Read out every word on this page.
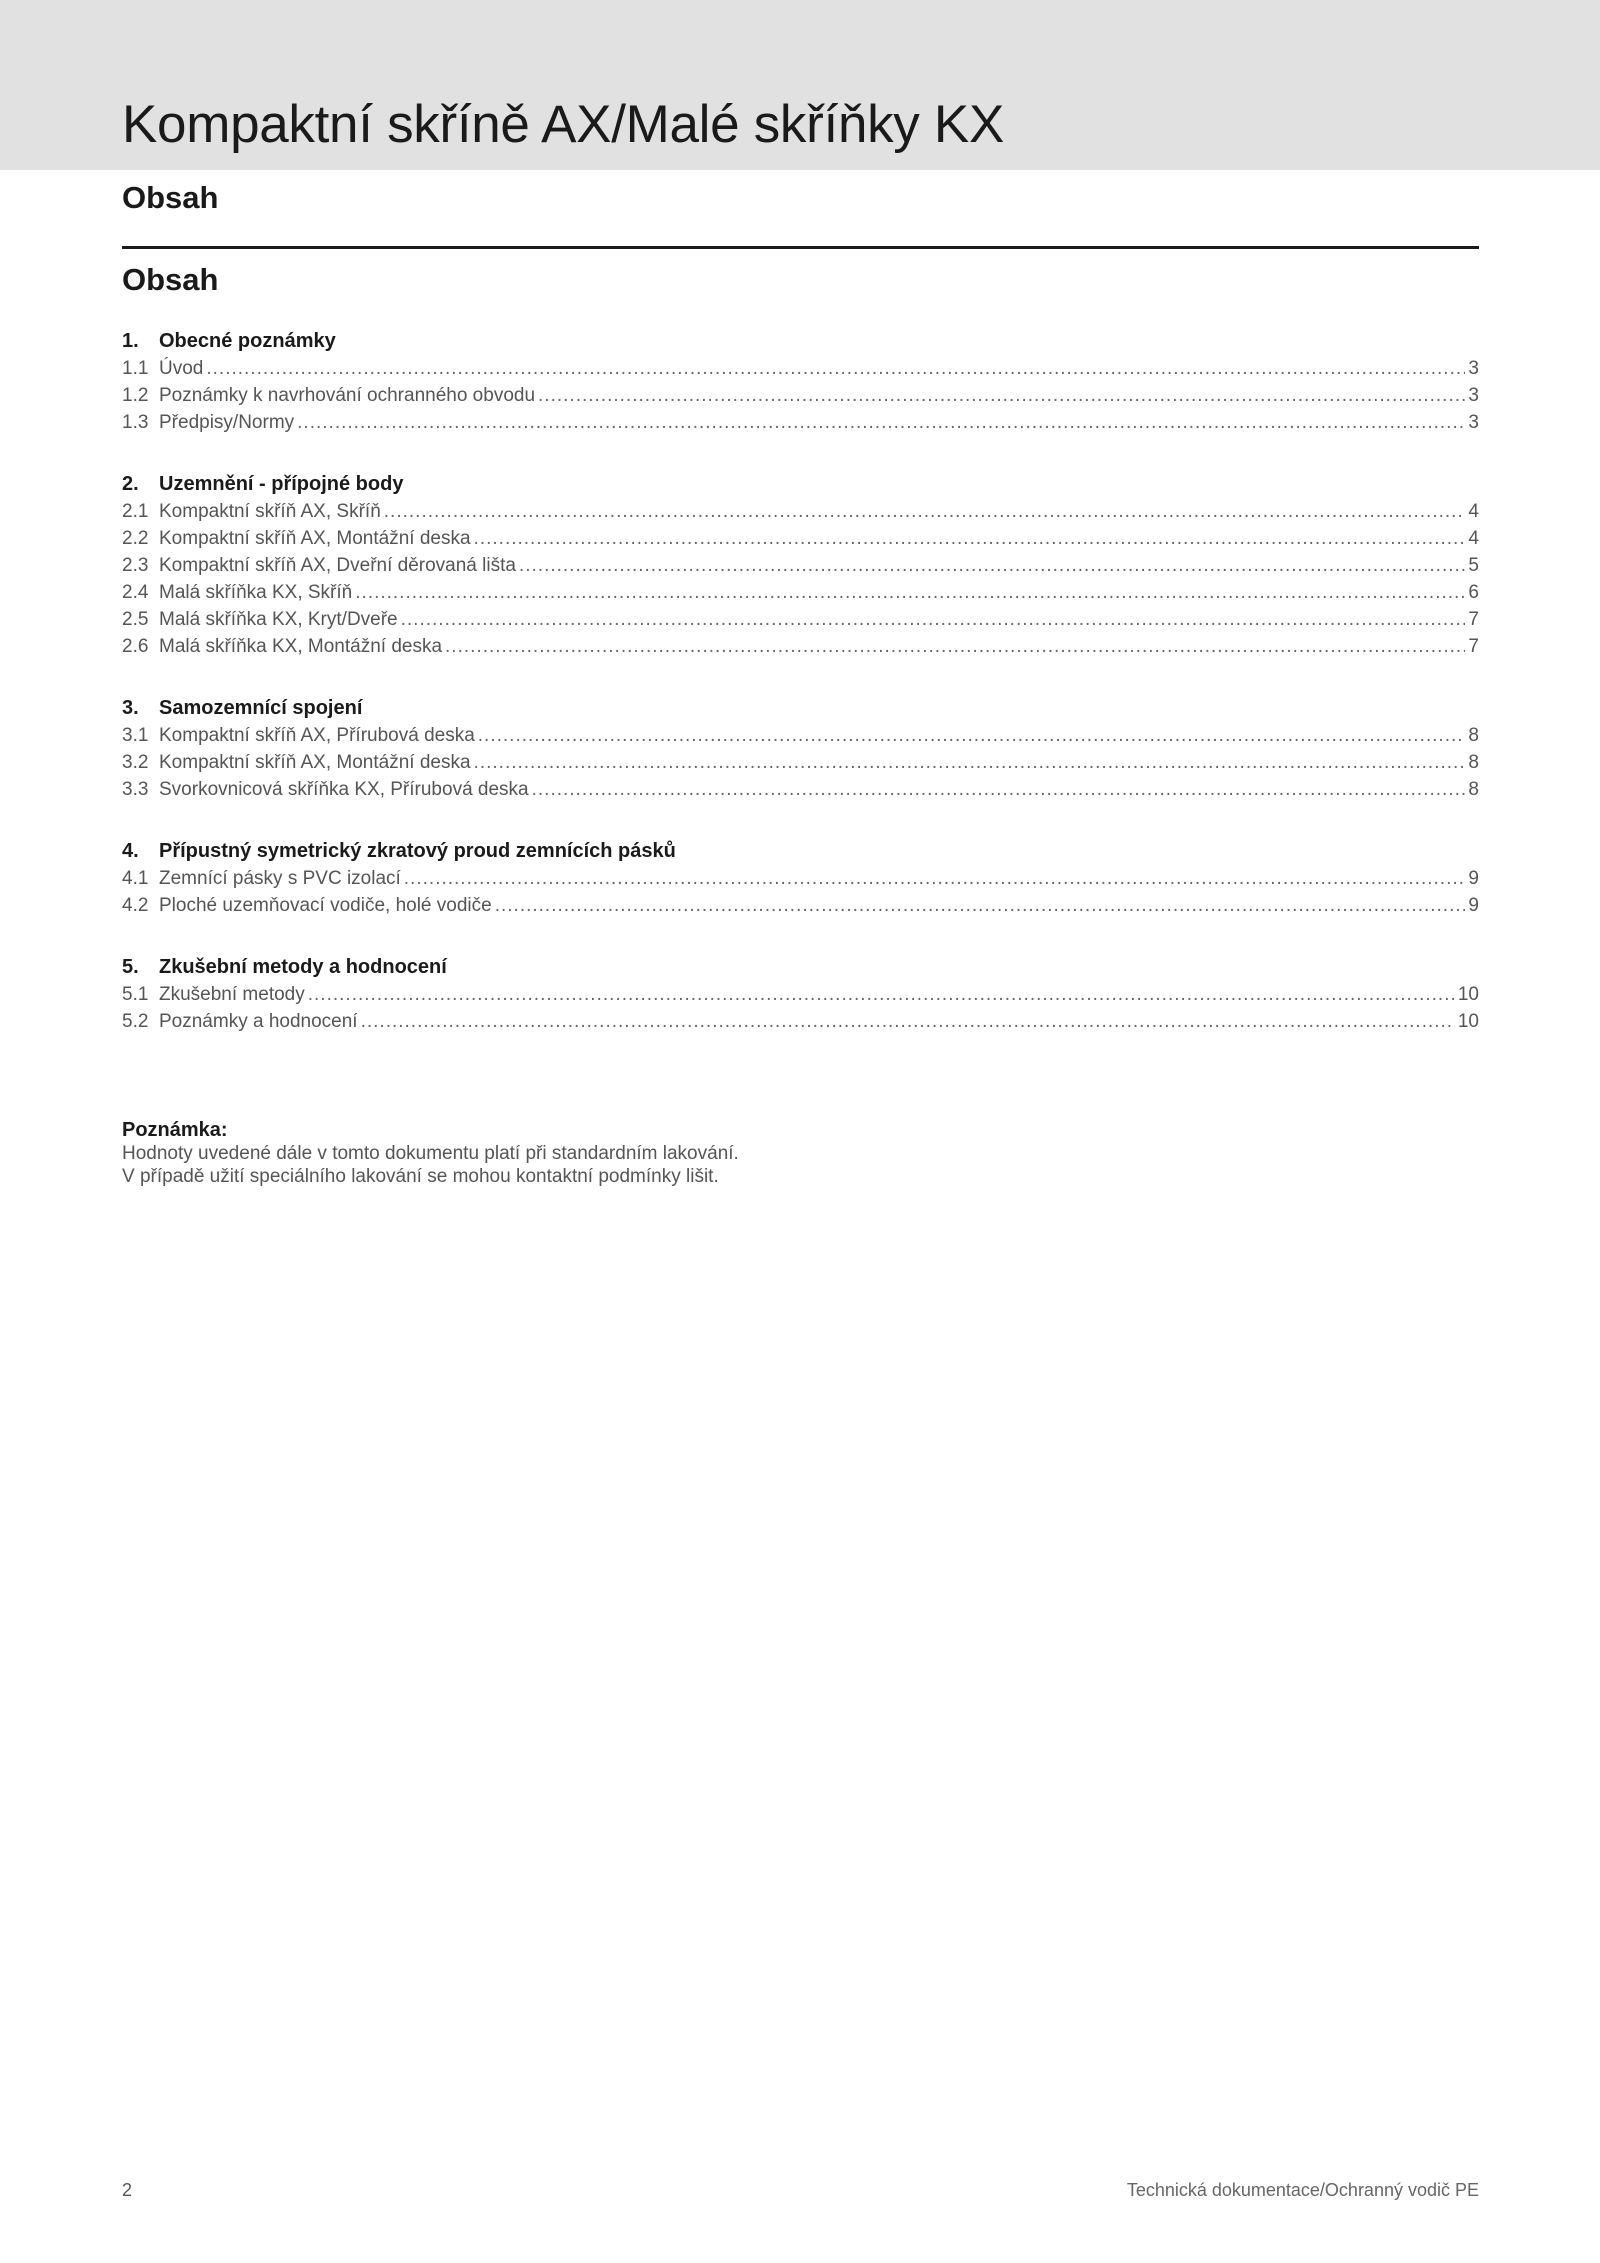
Kompaktní skříně AX/Malé skříňky KX
Obsah
Obsah
1. Obecné poznámky
1.1 Úvod .....	3
1.2 Poznámky k navrhování ochranného obvodu .....	3
1.3 Předpisy/Normy .....	3
2. Uzemnění - přípojné body
2.1 Kompaktní skříň AX, Skříň .....	4
2.2 Kompaktní skříň AX, Montážní deska .....	4
2.3 Kompaktní skříň AX, Dveřní děrovaná lišta .....	5
2.4 Malá skříňka KX, Skříň .....	6
2.5 Malá skříňka KX, Kryt/Dveře .....	7
2.6 Malá skříňka KX, Montážní deska .....	7
3. Samozemnící spojení
3.1 Kompaktní skříň AX, Přírubová deska .....	8
3.2 Kompaktní skříň AX, Montážní deska .....	8
3.3 Svorkovnicová skříňka KX, Přírubová deska .....	8
4. Přípustný symetrický zkratový proud zemnících pásků
4.1 Zemnící pásky s PVC izolací .....	9
4.2 Ploché uzemňovací vodiče, holé vodiče .....	9
5. Zkušební metody a hodnocení
5.1 Zkušební metody .....	10
5.2 Poznámky a hodnocení .....	10
Poznámka:
Hodnoty uvedené dále v tomto dokumentu platí při standardním lakování.
V případě užití speciálního lakování se mohou kontaktní podmínky lišit.
2	Technická dokumentace/Ochranný vodič PE
